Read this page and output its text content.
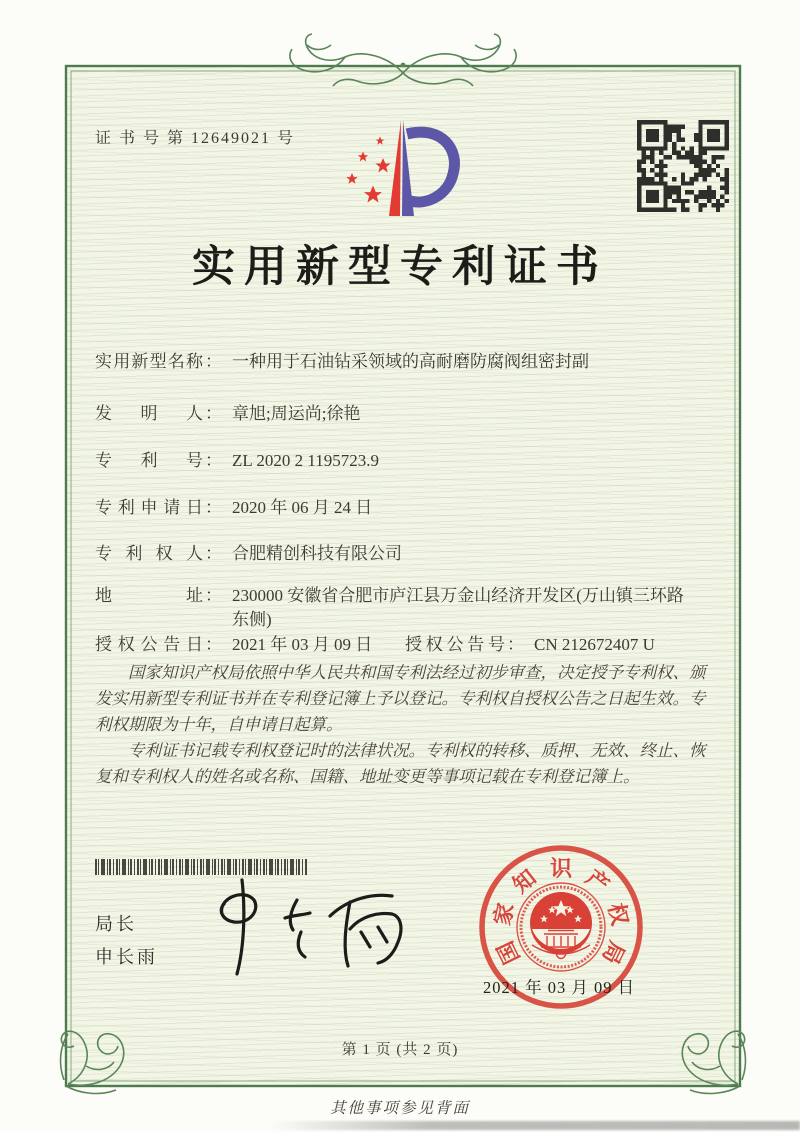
证 书 号 第 12649021 号
实用新型专利证书
实用新型名称 ： 一种用于石油钻采领域的高耐磨防腐阀组密封副
发　明　人 ： 章旭;周运尚;徐艳
专　利　号 ： ZL 2020 2 1195723.9
专利申请日 ： 2020 年 06 月 24 日
专 利 权 人 ： 合肥精创科技有限公司
地　　址 ： 230000 安徽省合肥市庐江县万金山经济开发区(万山镇三环路东侧)
授权公告日 ： 2021 年 03 月 09 日 授权公告号 ： CN 212672407 U

国家知识产权局依照中华人民共和国专利法经过初步审查，决定授予专利权、颁发实用新型专利证书并在专利登记簿上予以登记。专利权自授权公告之日起生效。专利权期限为十年，自申请日起算。

专利证书记载专利权登记时的法律状况。专利权的转移、质押、无效、终止、恢复和专利权人的姓名或名称、国籍、地址变更等事项记载在专利登记簿上。

局长
申长雨	国
家
知 识 产
权
局
2021 年 03 月 09 日
第 1 页 (共 2 页)
其他事项参见背面
